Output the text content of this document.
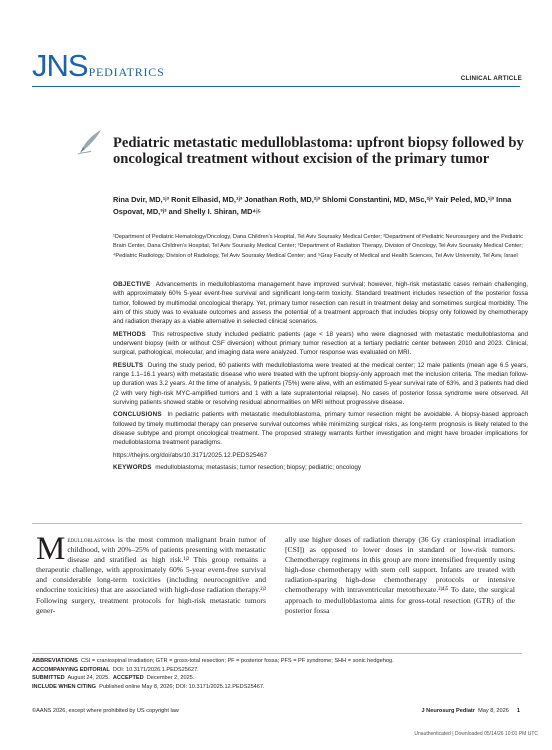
JNSPEDIATRICS	CLINICAL ARTICLE
Pediatric metastatic medulloblastoma: upfront biopsy followed by oncological treatment without excision of the primary tumor
Rina Dvir, MD,¹ʲ³ Ronit Elhasid, MD,¹ʲ³ Jonathan Roth, MD,²ʲ³ Shlomi Constantini, MD, MSc,²ʲ³ Yair Peled, MD,¹ʲ³ Inna Ospovat, MD,³ʲ³ and Shelly I. Shiran, MD⁴ʲ⁵
¹Department of Pediatric Hematology/Oncology, Dana Children's Hospital, Tel Aviv Sourasky Medical Center; ²Department of Pediatric Neurosurgery and the Pediatric Brain Center, Dana Children's Hospital, Tel Aviv Sourasky Medical Center; ³Department of Radiation Therapy, Division of Oncology, Tel Aviv Sourasky Medical Center; ⁴Pediatric Radiology, Division of Radiology, Tel Aviv Sourasky Medical Center; and ⁵Gray Faculty of Medical and Health Sciences, Tel Aviv University, Tel Aviv, Israel

OBJECTIVE Advancements in medulloblastoma management have improved survival; however, high-risk metastatic cases remain challenging, with approximately 60% 5-year event-free survival and significant long-term toxicity. Standard treatment includes resection of the posterior fossa tumor, followed by multimodal oncological therapy. Yet, primary tumor resection can result in treatment delay and sometimes surgical morbidity. The aim of this study was to evaluate outcomes and assess the potential of a treatment approach that includes biopsy only followed by chemotherapy and radiation therapy as a viable alternative in selected clinical scenarios.

METHODS This retrospective study included pediatric patients (age < 18 years) who were diagnosed with metastatic medulloblastoma and underwent biopsy (with or without CSF diversion) without primary tumor resection at a tertiary pediatric center between 2010 and 2023. Clinical, surgical, pathological, molecular, and imaging data were analyzed. Tumor response was evaluated on MRI.

RESULTS During the study period, 60 patients with medulloblastoma were treated at the medical center; 12 male patients (mean age 6.5 years, range 1.1–16.1 years) with metastatic disease who were treated with the upfront biopsy-only approach met the inclusion criteria. The median follow-up duration was 3.2 years. At the time of analysis, 9 patients (75%) were alive, with an estimated 5-year survival rate of 63%, and 3 patients had died (2 with very high-risk MYC-amplified tumors and 1 with a late supratentorial relapse). No cases of posterior fossa syndrome were observed. All surviving patients showed stable or resolving residual abnormalities on MRI without progressive disease.

CONCLUSIONS In pediatric patients with metastatic medulloblastoma, primary tumor resection might be avoidable. A biopsy-based approach followed by timely multimodal therapy can preserve survival outcomes while minimizing surgical risks, as long-term prognosis is likely related to the disease subtype and prompt oncological treatment. The proposed strategy warrants further investigation and might have broader implications for medulloblastoma treatment paradigms.

https://thejns.org/doi/abs/10.3171/2025.12.PEDS25467

KEYWORDS medulloblastoma; metastasis; tumor resection; biopsy; pediatric; oncology

Medulloblastoma is the most common malignant brain tumor of childhood, with 20%–25% of patients presenting with metastatic disease and stratified as high risk.¹ʲ² This group remains a therapeutic challenge, with approximately 60% 5-year event-free survival and considerable long-term toxicities (including neurocognitive and endocrine toxicities) that are associated with high-dose radiation therapy.²ʲ³ Following surgery, treatment protocols for high-risk metastatic tumors gener-
ally use higher doses of radiation therapy (36 Gy craniospinal irradiation [CSI]) as opposed to lower doses in standard or low-risk tumors. Chemotherapy regimens in this group are more intensified frequently using high-dose chemotherapy with stem cell support. Infants are treated with radiation-sparing high-dose chemotherapy protocols or intensive chemotherapy with intraventricular metotrhexate.²ʲ⁴ʲ⁵ To date, the surgical approach to medulloblastoma aims for gross-total resection (GTR) of the posterior fossa
ABBREVIATIONS CSI = craniospinal irradiation; GTR = gross-total resection; PF = posterior fossa; PFS = PF syndrome; SHH = sonic hedgehog.
ACCOMPANYING EDITORIAL DOI: 10.3171/2026.1.PEDS25627.
SUBMITTED August 24, 2025. ACCEPTED December 2, 2025.
INCLUDE WHEN CITING Published online May 8, 2026; DOI: 10.3171/2025.12.PEDS25467.
©AANS 2026, except where prohibited by US copyright law	J Neurosurg Pediatr May 8, 2026 1
Unauthenticated | Downloaded 05/14/26 10:01 PM UTC
